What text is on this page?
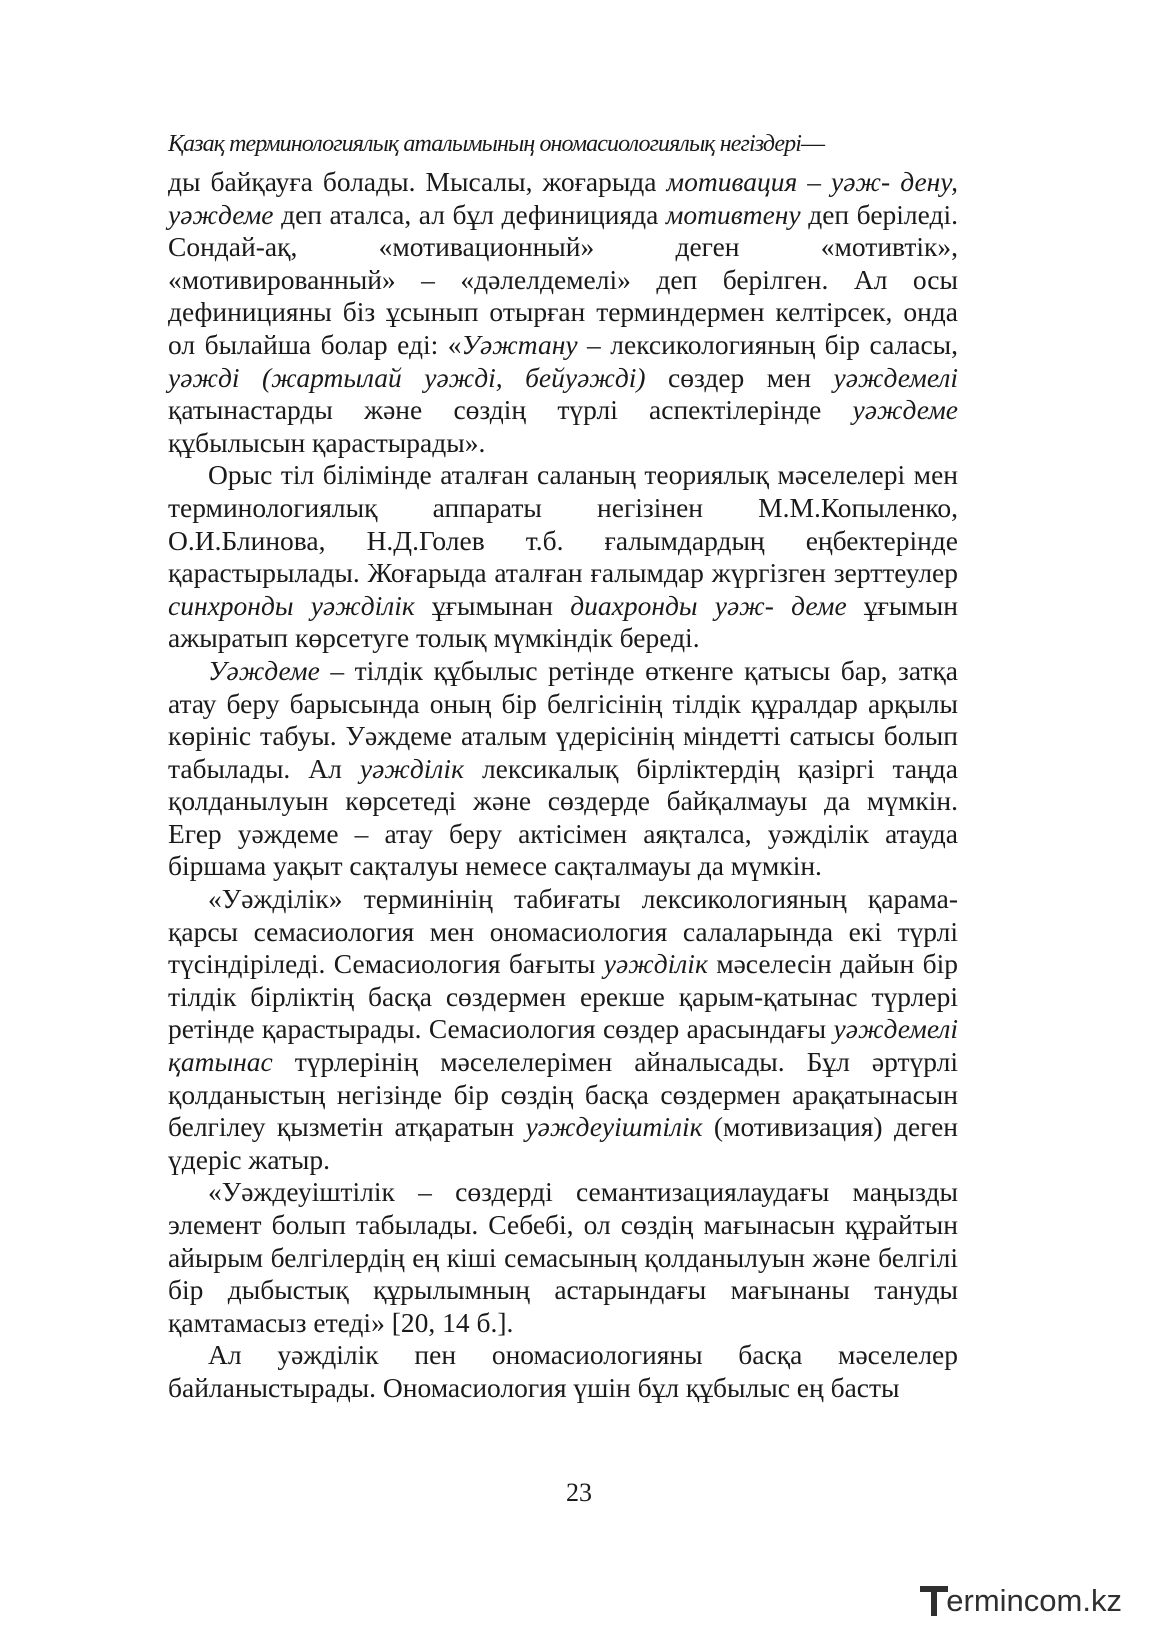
Қазақ терминологиялық аталымының ономасиологиялық негіздері—

ды байқауға болады. Мысалы, жоғарыда мотивация – уәж- дену, уәждеме деп аталса, ал бұл дефиницияда мотивтену деп беріледі. Сондай-ақ, «мотивационный» деген «мотивтік», «мотивированный» – «дәлелдемелі» деп берілген. Ал осы дефиницияны біз ұсынып отырған терминдермен келтірсек, онда ол былайша болар еді: «Уәжтану – лексикологияның бір саласы, уәжді (жартылай уәжді, бейуәжді) сөздер мен уәждемелі қатынастарды және сөздің түрлі аспектілерінде уәждеме құбылысын қарастырады».

Орыс тіл білімінде аталған саланың теориялық мәселелері мен терминологиялық аппараты негізінен М.М.Копыленко, О.И.Блинова, Н.Д.Голев т.б. ғалымдардың еңбектерінде қарастырылады. Жоғарыда аталған ғалымдар жүргізген зерттеулер синхронды уәжділік ұғымынан диахронды уәж- деме ұғымын ажыратып көрсетуге толық мүмкіндік береді.

Уәждеме – тілдік құбылыс ретінде өткенге қатысы бар, затқа атау беру барысында оның бір белгісінің тілдік құралдар арқылы көрініс табуы. Уәждеме аталым үдерісінің міндетті сатысы болып табылады. Ал уәжділік лексикалық бірліктердің қазіргі таңда қолданылуын көрсетеді және сөздерде байқалмауы да мүмкін. Егер уәждеме – атау беру актісімен аяқталса, уәжділік атауда біршама уақыт сақталуы немесе сақталмауы да мүмкін.

«Уәжділік» терминінің табиғаты лексикологияның қарама-қарсы семасиология мен ономасиология салаларында екі түрлі түсіндіріледі. Семасиология бағыты уәжділік мәселесін дайын бір тілдік бірліктің басқа сөздермен ерекше қарым-қатынас түрлері ретінде қарастырады. Семасиология сөздер арасындағы уәждемелі қатынас түрлерінің мәселелерімен айналысады. Бұл әртүрлі қолданыстың негізінде бір сөздің басқа сөздермен арақатынасын белгілеу қызметін атқаратын уәждеуіштілік (мотивизация) деген үдеріс жатыр.

«Уәждеуіштілік – сөздерді семантизациялаудағы маңызды элемент болып табылады. Себебі, ол сөздің мағынасын құрайтын айырым белгілердің ең кіші семасының қолданылуын және белгілі бір дыбыстық құрылымның астарындағы мағынаны тануды қамтамасыз етеді» [20, 14 б.].

Ал уәжділік пен ономасиологияны басқа мәселелер байланыстырады. Ономасиология үшін бұл құбылыс ең басты

23
ermincom .kz
